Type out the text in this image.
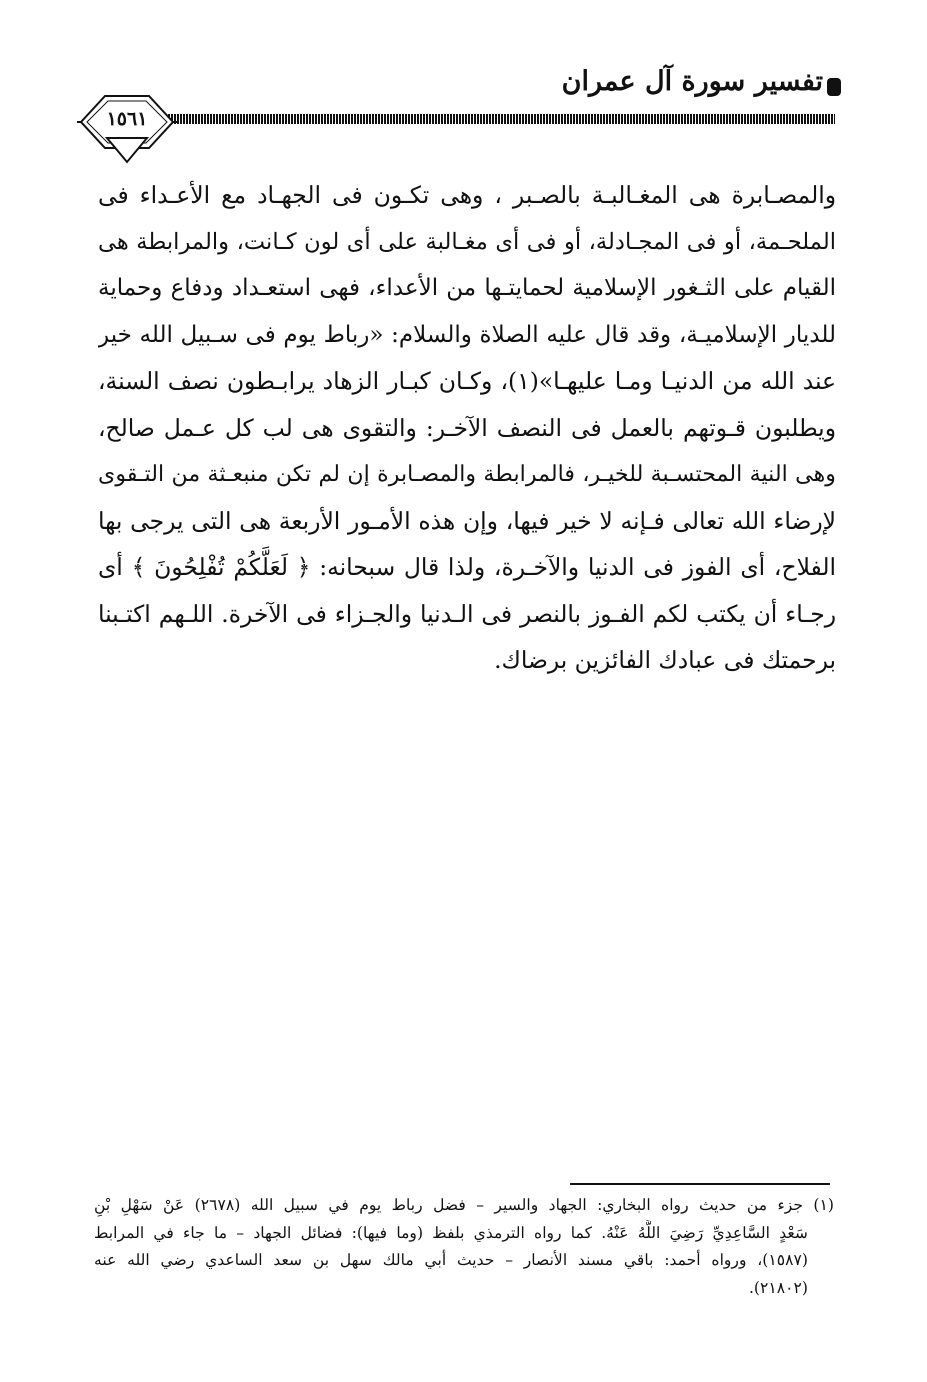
تفسير سورة آل عمران
١٥٦١
والمصـابرة هى المغـالبـة بالصـبر ، وهى تكـون فى الجهـاد مع الأعـداء فى
الملحـمة، أو فى المجـادلة، أو فى أى مغـالبة على أى لون كـانت، والمرابطة هى
القيام على الثـغور الإسلامية لحمايتـها من الأعداء، فهى استعـداد ودفاع وحماية
للديار الإسلاميـة، وقد قال عليه الصلاة والسلام: «رباط يوم فى سـبيل الله خير
عند الله من الدنيـا ومـا عليهـا»(١)، وكـان كبـار الزهاد يرابـطون نصف السنة،
ويطلبون قـوتهم بالعمل فى النصف الآخـر: والتقوى هى لب كل عـمل صالح،
وهى النية المحتسـبة للخيـر، فالمرابطة والمصـابرة إن لم تكن منبعـثة من التـقوى
لإرضاء الله تعالى فـإنه لا خير فيها، وإن هذه الأمـور الأربعة هى التى يرجى بها
الفلاح، أى الفوز فى الدنيا والآخـرة، ولذا قال سبحانه: ﴿ لَعَلَّكُمْ تُفْلِحُونَ ﴾ أى
رجـاء أن يكتب لكم الفـوز بالنصر فى الـدنيا والجـزاء فى الآخرة. اللـهم اكتـبنا
برحمتك فى عبادك الفائزين برضاك.
(١) جزء من حديث رواه البخاري: الجهاد والسير – فضل رباط يوم في سبيل الله (٢٦٧٨) عَنْ سَهْلِ بْنِ
سَعْدٍ السَّاعِدِيِّ رَضِيَ اللَّهُ عَنْهُ. كما رواه الترمذي بلفظ (وما فيها): فضائل الجهاد – ما جاء في المرابط
(١٥٨٧)، ورواه أحمد: باقي مسند الأنصار – حديث أبي مالك سهل بن سعد الساعدي رضي الله عنه
(٢١٨٠٢).
